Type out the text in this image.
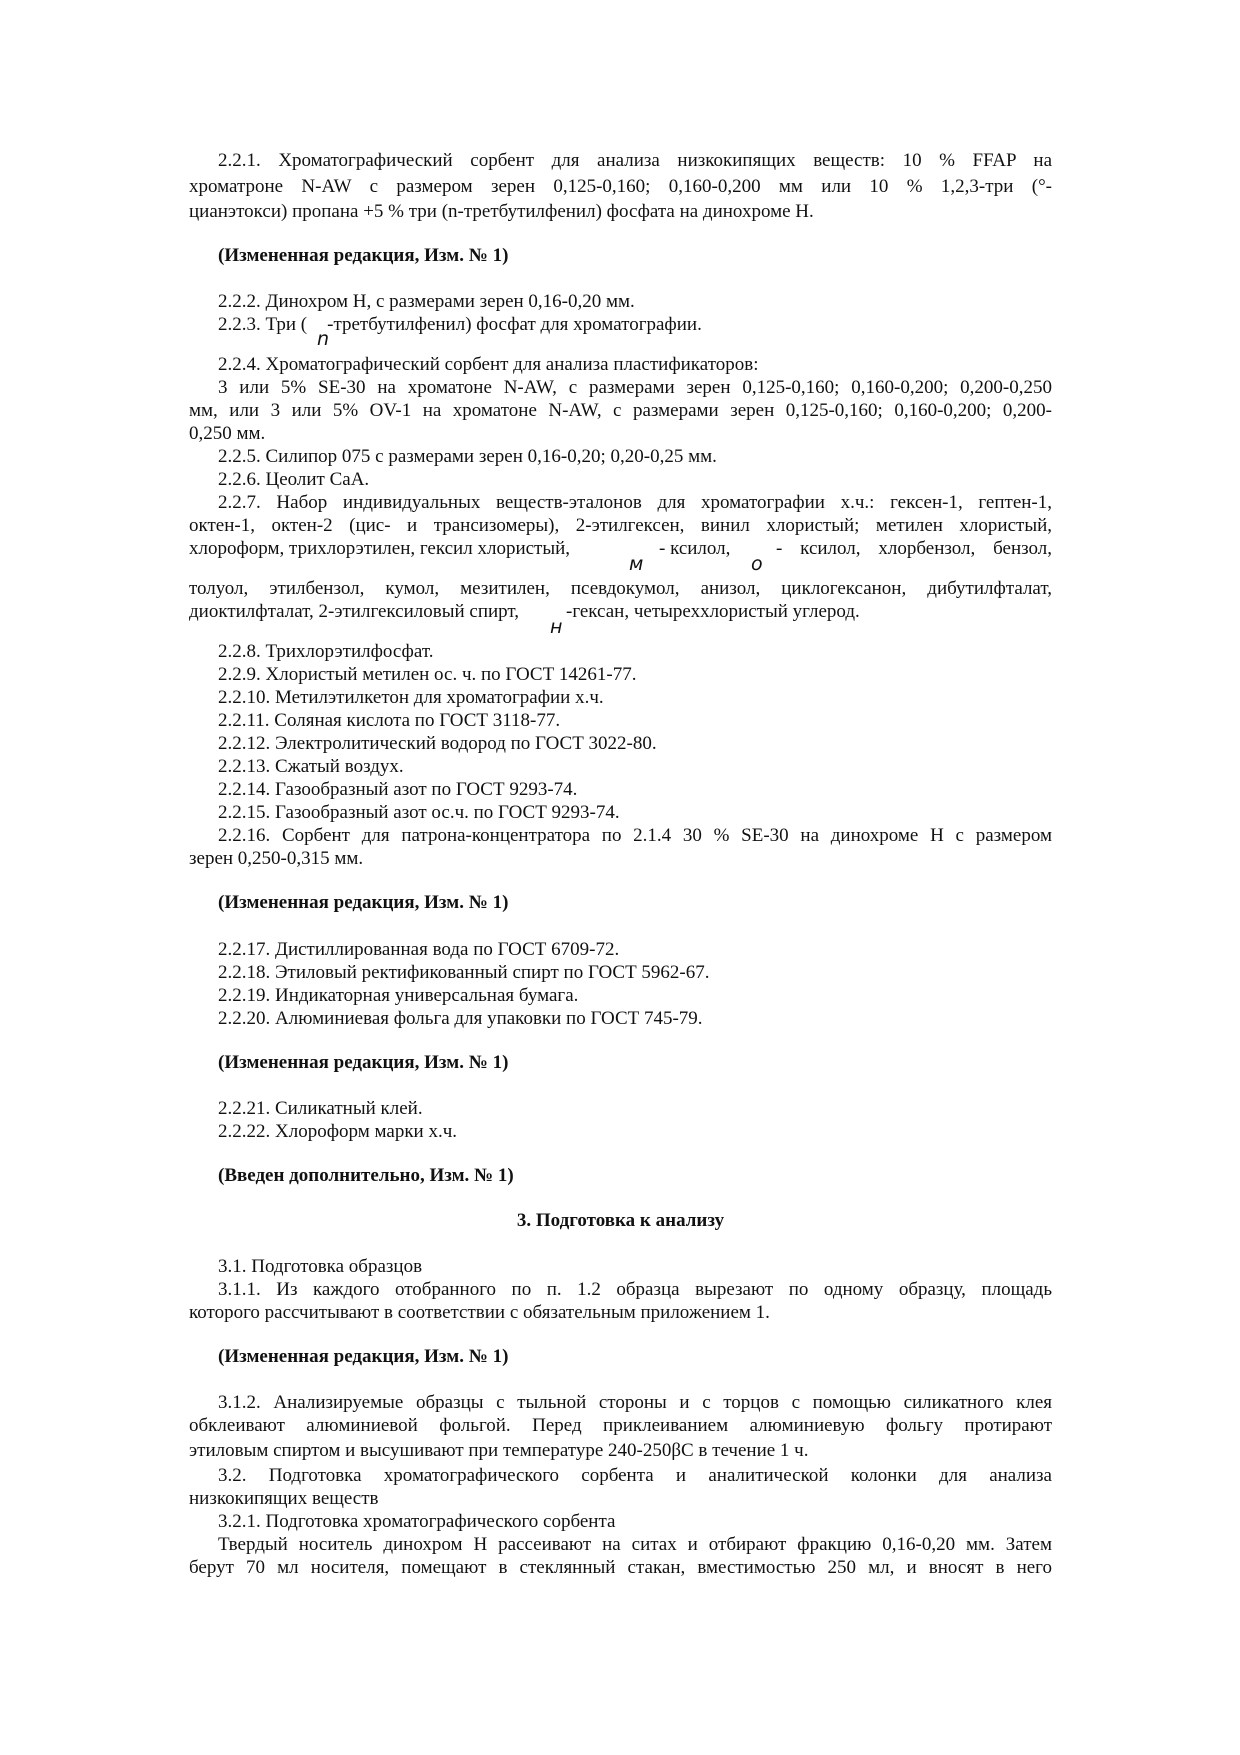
2.2.1. Хроматографический сорбент для анализа низкокипящих веществ: 10 % FFAP на
хроматроне N-AW с размером зерен 0,125-0,160; 0,160-0,200 мм или 10 % 1,2,3-три (°-
цианэтокси) пропана +5 % три (n-третбутилфенил) фосфата на динохроме Н.
(Измененная редакция, Изм. № 1)
2.2.2. Динохром Н, с размерами зерен 0,16-0,20 мм.
2.2.3. Три ( -третбутилфенил) фосфат для хроматографии.
n
2.2.4. Хроматографический сорбент для анализа пластификаторов:
3 или 5% SE-30 на хроматоне N-AW, с размерами зерен 0,125-0,160; 0,160-0,200; 0,200-0,250
мм, или 3 или 5% OV-1 на хроматоне N-AW, с размерами зерен 0,125-0,160; 0,160-0,200; 0,200-
0,250 мм.
2.2.5. Силипор 075 с размерами зерен 0,16-0,20; 0,20-0,25 мм.
2.2.6. Цеолит СаА.
2.2.7. Набор индивидуальных веществ-эталонов для хроматографии х.ч.: гексен-1, гептен-1,
октен-1, октен-2 (цис- и трансизомеры), 2-этилгексен, винил хлористый; метилен хлористый,
хлороформ, трихлорэтилен, гексил хлористый,	- ксилол, - ксилол, хлорбензол, бензол,
м	о
толуол, этилбензол, кумол, мезитилен, псевдокумол, анизол, циклогексанон, дибутилфталат,
диоктилфталат, 2-этилгексиловый спирт, -гексан, четыреххлористый углерод.
н
2.2.8. Трихлорэтилфосфат.
2.2.9. Хлористый метилен ос. ч. по ГОСТ 14261-77.
2.2.10. Метилэтилкетон для хроматографии х.ч.
2.2.11. Соляная кислота по ГОСТ 3118-77.
2.2.12. Электролитический водород по ГОСТ 3022-80.
2.2.13. Сжатый воздух.
2.2.14. Газообразный азот по ГОСТ 9293-74.
2.2.15. Газообразный азот ос.ч. по ГОСТ 9293-74.
2.2.16. Сорбент для патрона-концентратора по 2.1.4 30 % SE-30 на динохроме Н с размером
зерен 0,250-0,315 мм.
(Измененная редакция, Изм. № 1)
2.2.17. Дистиллированная вода по ГОСТ 6709-72.
2.2.18. Этиловый ректификованный спирт по ГОСТ 5962-67.
2.2.19. Индикаторная универсальная бумага.
2.2.20. Алюминиевая фольга для упаковки по ГОСТ 745-79.
(Измененная редакция, Изм. № 1)
2.2.21. Силикатный клей.
2.2.22. Хлороформ марки х.ч.
(Введен дополнительно, Изм. № 1)
3. Подготовка к анализу
3.1. Подготовка образцов
3.1.1. Из каждого отобранного по п. 1.2 образца вырезают по одному образцу, площадь
которого рассчитывают в соответствии с обязательным приложением 1.
(Измененная редакция, Изм. № 1)
3.1.2. Анализируемые образцы с тыльной стороны и с торцов с помощью силикатного клея
обклеивают алюминиевой фольгой. Перед приклеиванием алюминиевую фольгу протирают
этиловым спиртом и высушивают при температуре 240-250βС в течение 1 ч.
3.2. Подготовка хроматографического сорбента и аналитической колонки для анализа
низкокипящих веществ
3.2.1. Подготовка хроматографического сорбента
Твердый носитель динохром Н рассеивают на ситах и отбирают фракцию 0,16-0,20 мм. Затем
берут 70 мл носителя, помещают в стеклянный стакан, вместимостью 250 мл, и вносят в него
